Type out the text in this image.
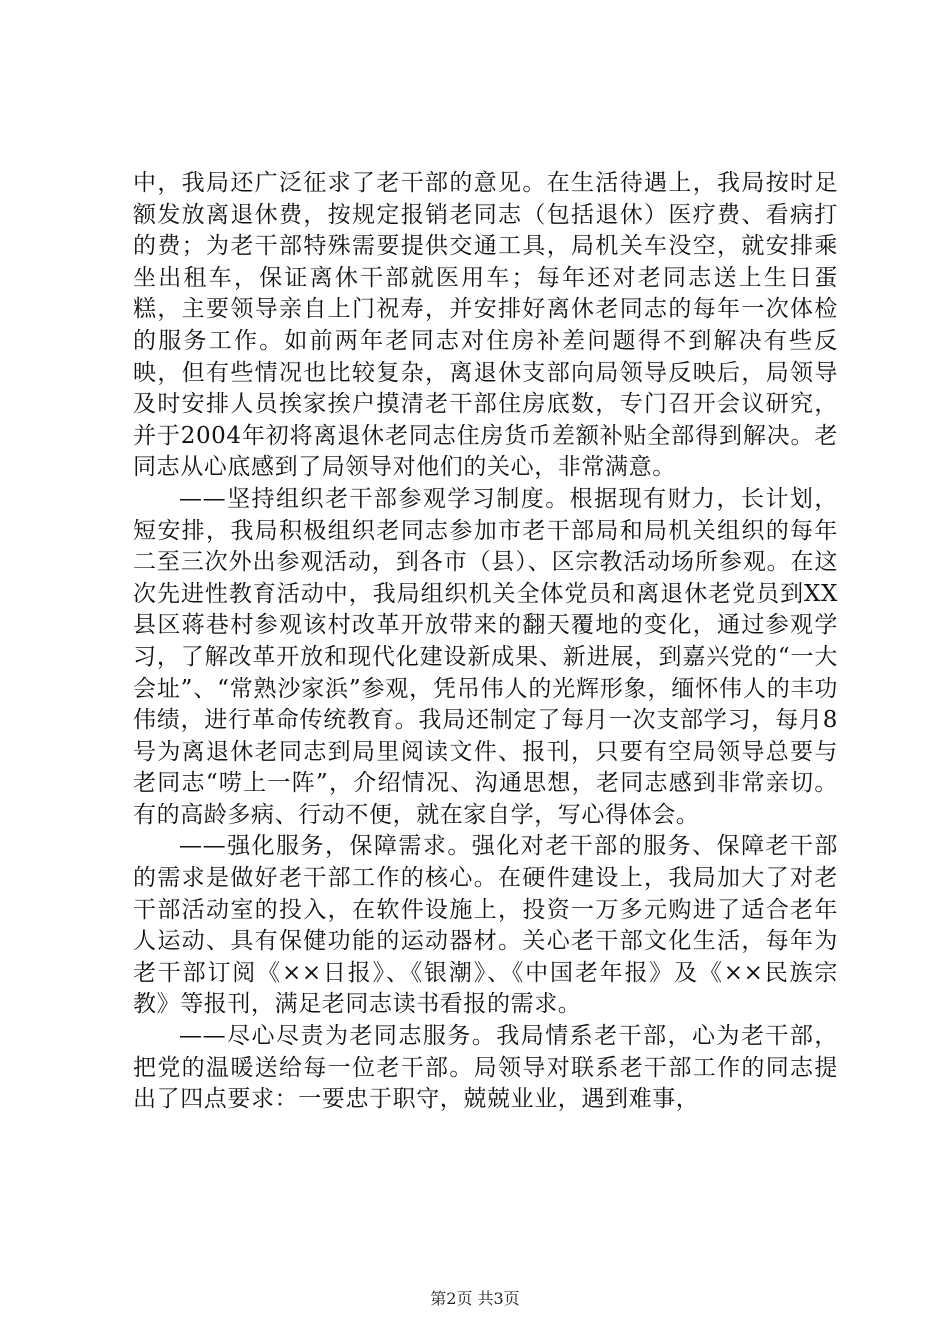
中，我局还广泛征求了老干部的意见。在生活待遇上，我局按时足额发放离退休费，按规定报销老同志（包括退休）医疗费、看病打的费；为老干部特殊需要提供交通工具，局机关车没空，就安排乘坐出租车，保证离休干部就医用车；每年还对老同志送上生日蛋糕，主要领导亲自上门祝寿，并安排好离休老同志的每年一次体检的服务工作。如前两年老同志对住房补差问题得不到解决有些反映，但有些情况也比较复杂，离退休支部向局领导反映后，局领导及时安排人员挨家挨户摸清老干部住房底数，专门召开会议研究，并于2004年初将离退休老同志住房货币差额补贴全部得到解决。老同志从心底感到了局领导对他们的关心，非常满意。

——坚持组织老干部参观学习制度。根据现有财力，长计划，短安排，我局积极组织老同志参加市老干部局和局机关组织的每年二至三次外出参观活动，到各市（县）、区宗教活动场所参观。在这次先进性教育活动中，我局组织机关全体党员和离退休老党员到XX县区蒋巷村参观该村改革开放带来的翻天覆地的变化，通过参观学习，了解改革开放和现代化建设新成果、新进展，到嘉兴党的“一大会址”、“常熟沙家浜”参观，凭吊伟人的光辉形象，缅怀伟人的丰功伟绩，进行革命传统教育。我局还制定了每月一次支部学习，每月8号为离退休老同志到局里阅读文件、报刊，只要有空局领导总要与老同志“唠上一阵”，介绍情况、沟通思想，老同志感到非常亲切。有的高龄多病、行动不便，就在家自学，写心得体会。

——强化服务，保障需求。强化对老干部的服务、保障老干部的需求是做好老干部工作的核心。在硬件建设上，我局加大了对老干部活动室的投入，在软件设施上，投资一万多元购进了适合老年人运动、具有保健功能的运动器材。关心老干部文化生活，每年为老干部订阅《××日报》、《银潮》、《中国老年报》及《××民族宗教》等报刊，满足老同志读书看报的需求。

——尽心尽责为老同志服务。我局情系老干部，心为老干部，把党的温暖送给每一位老干部。局领导对联系老干部工作的同志提出了四点要求：一要忠于职守，兢兢业业，遇到难事，

第2页 共3页
